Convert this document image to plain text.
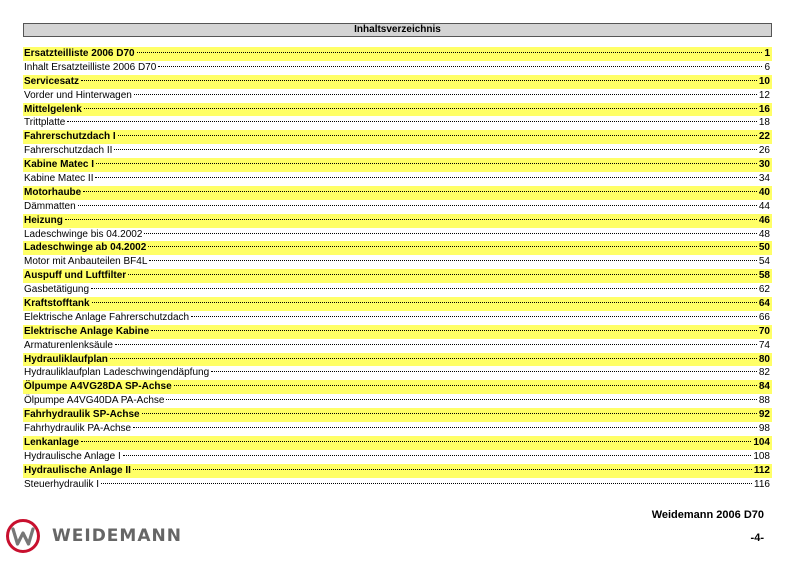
Inhaltsverzeichnis
Ersatzteilliste 2006 D70	1
Inhalt Ersatzteilliste 2006 D70	6
Servicesatz	10
Vorder und Hinterwagen	12
Mittelgelenk	16
Trittplatte	18
Fahrerschutzdach I	22
Fahrerschutzdach II	26
Kabine Matec I	30
Kabine Matec II	34
Motorhaube	40
Dämmatten	44
Heizung	46
Ladeschwinge bis 04.2002	48
Ladeschwinge ab 04.2002	50
Motor mit Anbauteilen BF4L	54
Auspuff und Luftfilter	58
Gasbetätigung	62
Kraftstofftank	64
Elektrische Anlage Fahrerschutzdach	66
Elektrische Anlage Kabine	70
Armaturenlenksäule	74
Hydrauliklaufplan	80
Hydrauliklaufplan Ladeschwingendäpfung	82
Ölpumpe A4VG28DA SP-Achse	84
Ölpumpe A4VG40DA PA-Achse	88
Fahrhydraulik SP-Achse	92
Fahrhydraulik PA-Achse	98
Lenkanlage	104
Hydraulische Anlage I	108
Hydraulische Anlage II	112
Steuerhydraulik I	116
WEIDEMANN
Weidemann 2006 D70
-4-
